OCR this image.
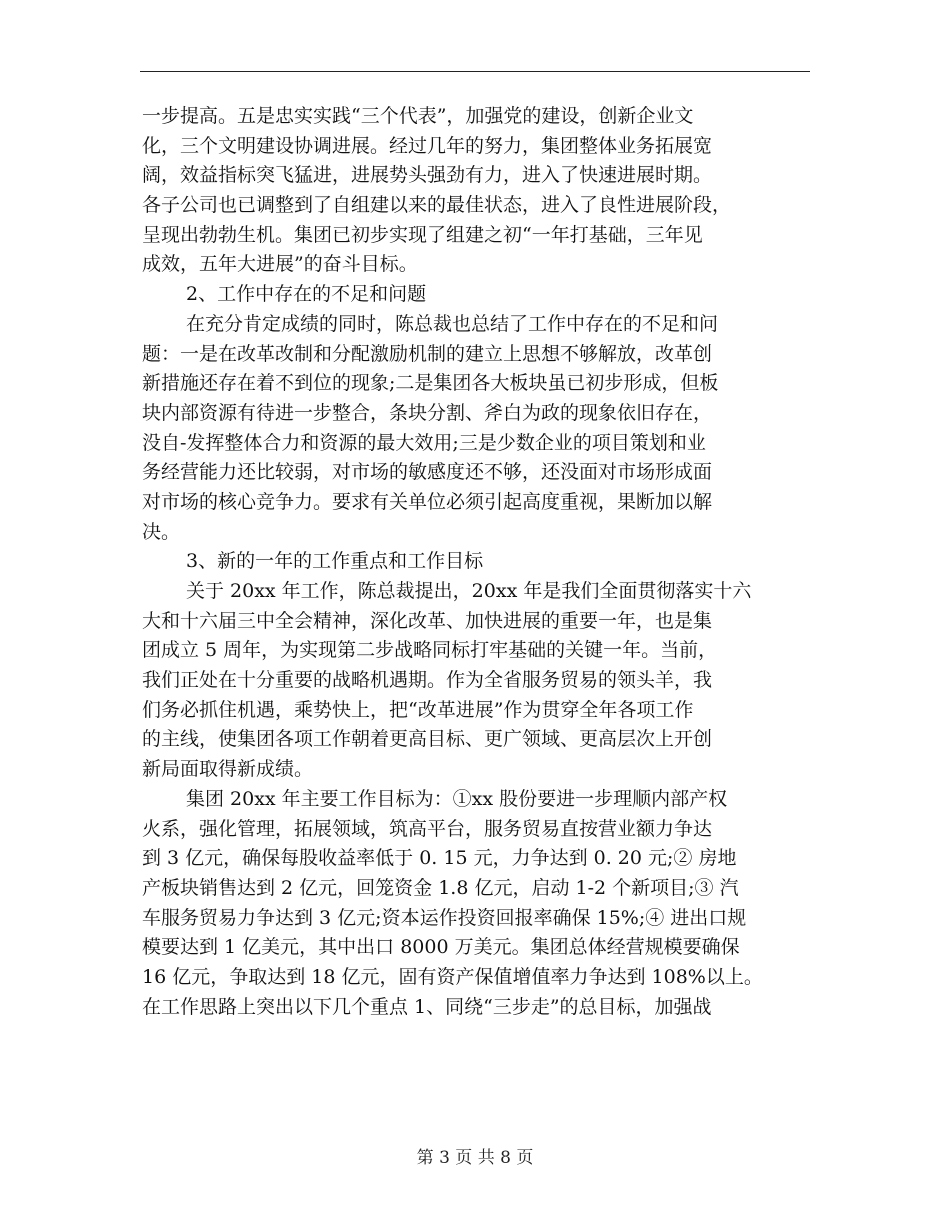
一步提高。五是忠实实践“三个代表”，加强党的建设，创新企业文
化，三个文明建设协调进展。经过几年的努力，集团整体业务拓展宽
阔，效益指标突飞猛进，进展势头强劲有力，进入了快速进展时期。
各子公司也已调整到了自组建以来的最佳状态，进入了良性进展阶段，
呈现出勃勃生机。集团已初步实现了组建之初“一年打基础，三年见
成效，五年大进展”的奋斗目标。
2、工作中存在的不足和问题
在充分肯定成绩的同时，陈总裁也总结了工作中存在的不足和问
题：一是在改革改制和分配激励机制的建立上思想不够解放，改革创
新措施还存在着不到位的现象;二是集团各大板块虽已初步形成，但板
块内部资源有待进一步整合，条块分割、斧白为政的现象依旧存在，
没自-发挥整体合力和资源的最大效用;三是少数企业的项目策划和业
务经营能力还比较弱，对市场的敏感度还不够，还没面对市场形成面
对市场的核心竞争力。要求有关单位必须引起高度重视，果断加以解
决。
3、新的一年的工作重点和工作目标
关于 20xx 年工作，陈总裁提出，20xx 年是我们全面贯彻落实十六
大和十六届三中全会精神，深化改革、加快进展的重要一年，也是集
团成立 5 周年，为实现第二步战略同标打牢基础的关键一年。当前，
我们正处在十分重要的战略机遇期。作为全省服务贸易的领头羊，我
们务必抓住机遇，乘势快上，把“改革进展”作为贯穿全年各项工作
的主线，使集团各项工作朝着更高目标、更广领域、更高层次上开创
新局面取得新成绩。
集团 20xx 年主要工作目标为：①xx 股份要进一步理顺内部产权
火系，强化管理，拓展领域，筑高平台，服务贸易直按营业额力争达
到 3 亿元，确保每股收益率低于 0. 15 元，力争达到 0. 20 元;② 房地
产板块销售达到 2 亿元，回笼资金 1.8 亿元，启动 1-2 个新项目;③ 汽
车服务贸易力争达到 3 亿元;资本运作投资回报率确保 15%;④ 进出口规
模要达到 1 亿美元，其中出口 8000 万美元。集团总体经营规模要确保
16 亿元，争取达到 18 亿元，固有资产保值增值率力争达到 108%以上。
在工作思路上突出以下几个重点 1、同绕“三步走”的总目标，加强战
第 3 页 共 8 页
